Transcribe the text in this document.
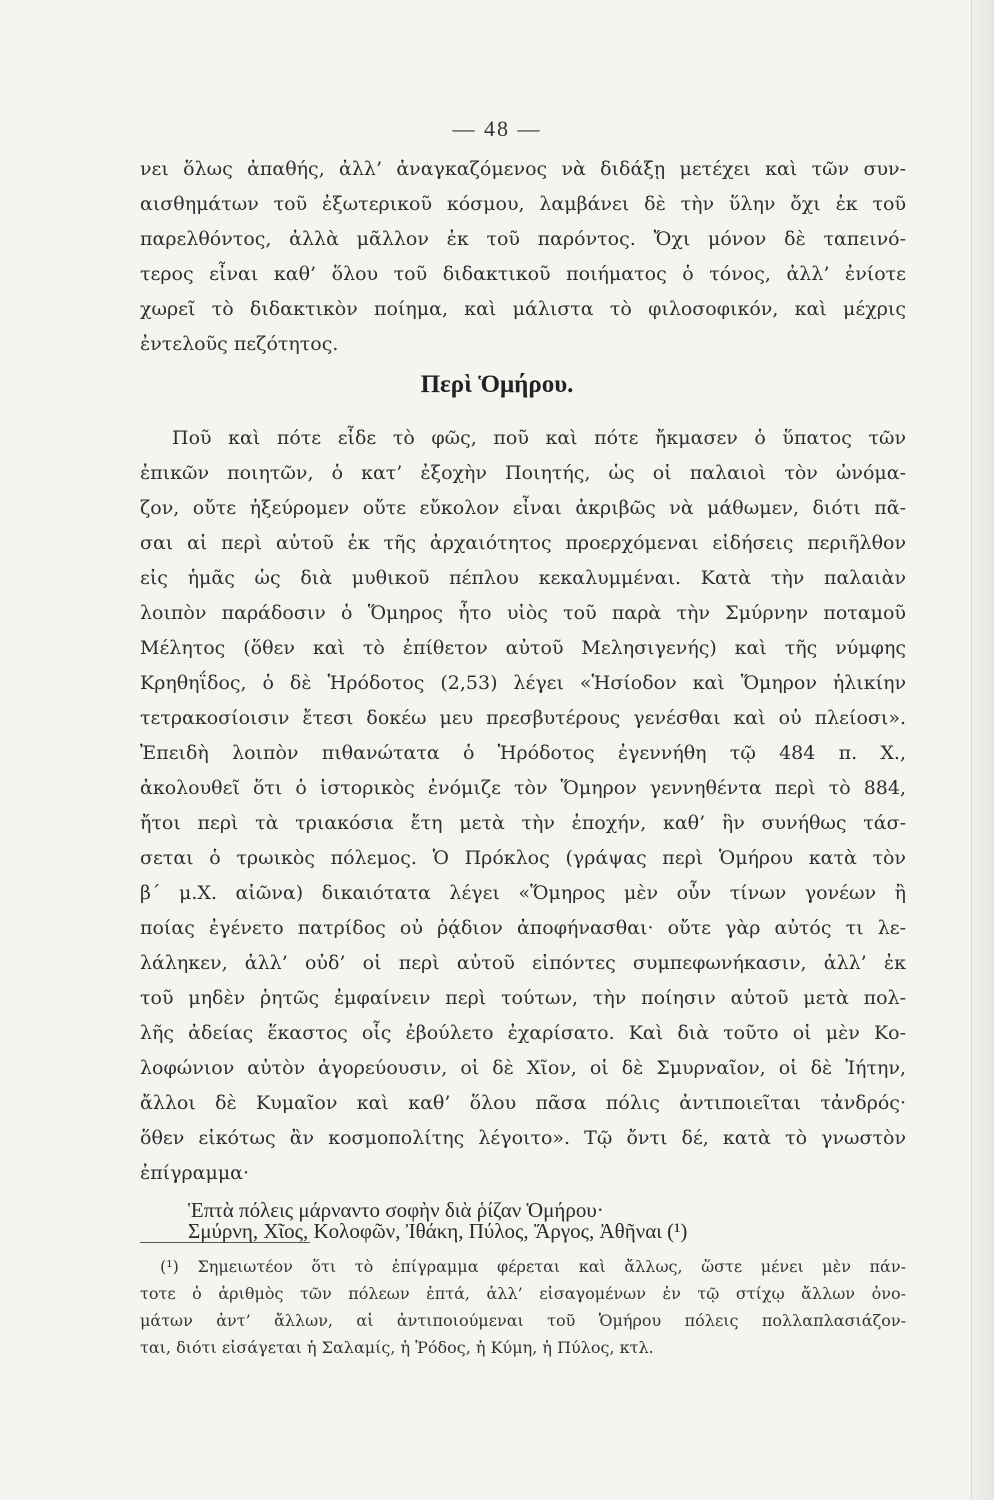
— 48 —
νει ὅλως ἀπαθής, ἀλλ’ ἀναγκαζόμενος νὰ διδάξῃ μετέχει καὶ τῶν συν-
αισθημάτων τοῦ ἐξωτερικοῦ κόσμου, λαμβάνει δὲ τὴν ὕλην ὄχι ἐκ τοῦ
παρελθόντος, ἀλλὰ μᾶλλον ἐκ τοῦ παρόντος. Ὄχι μόνον δὲ ταπεινό-
τερος εἶναι καθ’ ὅλου τοῦ διδακτικοῦ ποιήματος ὁ τόνος, ἀλλ’ ἐνίοτε
χωρεῖ τὸ διδακτικὸν ποίημα, καὶ μάλιστα τὸ φιλοσοφικόν, καὶ μέχρις
ἐντελοῦς πεζότητος.
Περὶ Ὁμήρου.
Ποῦ καὶ πότε εἶδε τὸ φῶς, ποῦ καὶ πότε ἤκμασεν ὁ ὕπατος τῶν
ἐπικῶν ποιητῶν, ὁ κατ’ ἐξοχὴν Ποιητής, ὡς οἱ παλαιοὶ τὸν ὠνόμα-
ζον, οὔτε ἠξεύρομεν οὔτε εὔκολον εἶναι ἀκριβῶς νὰ μάθωμεν, διότι πᾶ-
σαι αἱ περὶ αὐτοῦ ἐκ τῆς ἀρχαιότητος προερχόμεναι εἰδήσεις περιῆλθον
εἰς ἡμᾶς ὡς διὰ μυθικοῦ πέπλου κεκαλυμμέναι. Κατὰ τὴν παλαιὰν
λοιπὸν παράδοσιν ὁ Ὅμηρος ἦτο υἱὸς τοῦ παρὰ τὴν Σμύρνην ποταμοῦ
Μέλητος (ὅθεν καὶ τὸ ἐπίθετον αὐτοῦ Μελησιγενής) καὶ τῆς νύμφης
Κρηθηΐδος, ὁ δὲ Ἡρόδοτος (2,53) λέγει «Ἡσίοδον καὶ Ὅμηρον ἡλικίην
τετρακοσίοισιν ἔτεσι δοκέω μευ πρεσβυτέρους γενέσθαι καὶ οὐ πλείοσι».
Ἐπειδὴ λοιπὸν πιθανώτατα ὁ Ἡρόδοτος ἐγεννήθη τῷ 484 π. Χ.,
ἀκολουθεῖ ὅτι ὁ ἱστορικὸς ἐνόμιζε τὸν Ὅμηρον γεννηθέντα περὶ τὸ 884,
ἤτοι περὶ τὰ τριακόσια ἔτη μετὰ τὴν ἐποχήν, καθ’ ἣν συνήθως τάσ-
σεται ὁ τρωικὸς πόλεμος. Ὁ Πρόκλος (γράψας περὶ Ὁμήρου κατὰ τὸν
β΄ μ.Χ. αἰῶνα) δικαιότατα λέγει «Ὅμηρος μὲν οὖν τίνων γονέων ἢ
ποίας ἐγένετο πατρίδος οὐ ῥᾴδιον ἀποφήνασθαι· οὔτε γὰρ αὐτός τι λε-
λάληκεν, ἀλλ’ οὐδ’ οἱ περὶ αὐτοῦ εἰπόντες συμπεφωνήκασιν, ἀλλ’ ἐκ
τοῦ μηδὲν ῥητῶς ἐμφαίνειν περὶ τούτων, τὴν ποίησιν αὐτοῦ μετὰ πολ-
λῆς ἀδείας ἕκαστος οἷς ἐβούλετο ἐχαρίσατο. Καὶ διὰ τοῦτο οἱ μὲν Κο-
λοφώνιον αὐτὸν ἀγορεύουσιν, οἱ δὲ Χῖον, οἱ δὲ Σμυρναῖον, οἱ δὲ Ἰήτην,
ἄλλοι δὲ Κυμαῖον καὶ καθ’ ὅλου πᾶσα πόλις ἀντιποιεῖται τἀνδρός·
ὅθεν εἰκότως ἂν κοσμοπολίτης λέγοιτο». Τῷ ὄντι δέ, κατὰ τὸ γνωστὸν
ἐπίγραμμα·
Ἑπτὰ πόλεις μάρναντο σοφὴν διὰ ῥίζαν Ὁμήρου·
Σμύρνη, Χῖος, Κολοφῶν, Ἰθάκη, Πύλος, Ἄργος, Ἀθῆναι (¹)
(¹) Σημειωτέον ὅτι τὸ ἐπίγραμμα φέρεται καὶ ἄλλως, ὥστε μένει μὲν πάν-
τοτε ὁ ἀριθμὸς τῶν πόλεων ἑπτά, ἀλλ’ εἰσαγομένων ἐν τῷ στίχῳ ἄλλων ὀνο-
μάτων ἀντ’ ἄλλων, αἱ ἀντιποιούμεναι τοῦ Ὁμήρου πόλεις πολλαπλασιάζον-
ται, διότι εἰσάγεται ἡ Σαλαμίς, ἡ Ῥόδος, ἡ Κύμη, ἡ Πύλος, κτλ.
